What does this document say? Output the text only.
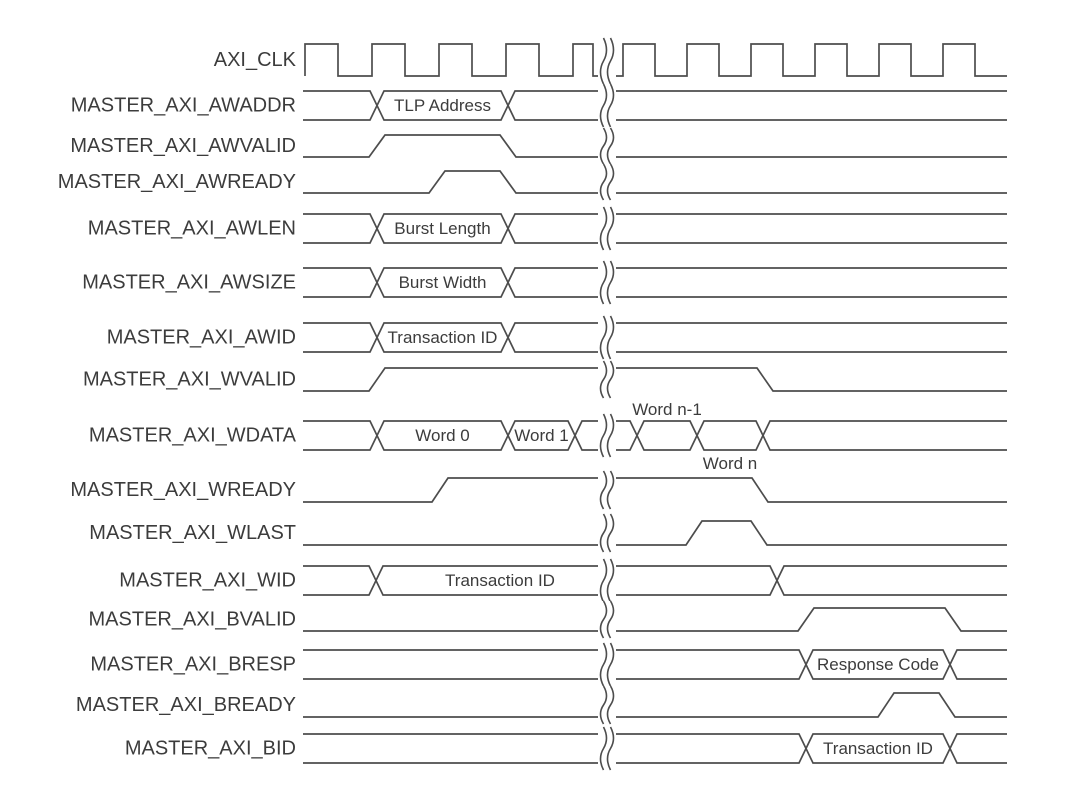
AXI_CLK
MASTER_AXI_AWADDR	TLP Address
MASTER_AXI_AWVALID
MASTER_AXI_AWREADY
MASTER_AXI_AWLEN	Burst Length
MASTER_AXI_AWSIZE	Burst Width
MASTER_AXI_AWID	Transaction ID
MASTER_AXI_WVALID
MASTER_AXI_WDATA	Word 0	Word 1
Word n-1
Word n
MASTER_AXI_WREADY
MASTER_AXI_WLAST
MASTER_AXI_WID	Transaction ID
MASTER_AXI_BVALID
MASTER_AXI_BRESP	Response Code
MASTER_AXI_BREADY
MASTER_AXI_BID	Transaction ID
